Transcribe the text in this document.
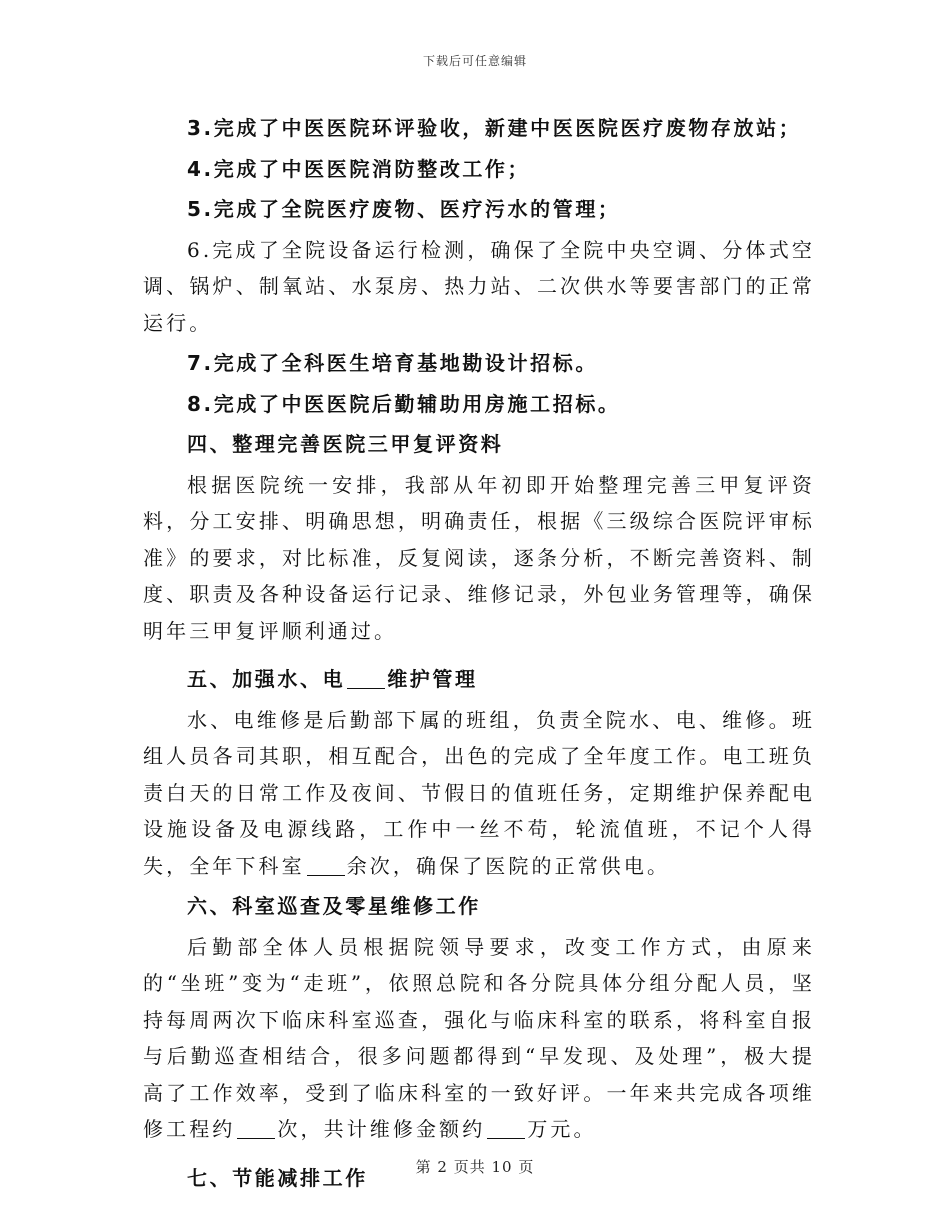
下载后可任意编辑

3.完成了中医医院环评验收，新建中医医院医疗废物存放站；

4.完成了中医医院消防整改工作；

5.完成了全院医疗废物、医疗污水的管理；

6.完成了全院设备运行检测，确保了全院中央空调、分体式空调、锅炉、制氧站、水泵房、热力站、二次供水等要害部门的正常运行。

7.完成了全科医生培育基地勘设计招标。

8.完成了中医医院后勤辅助用房施工招标。

四、整理完善医院三甲复评资料

根据医院统一安排，我部从年初即开始整理完善三甲复评资料，分工安排、明确思想，明确责任，根据《三级综合医院评审标准》的要求，对比标准，反复阅读，逐条分析，不断完善资料、制度、职责及各种设备运行记录、维修记录，外包业务管理等，确保明年三甲复评顺利通过。

五、加强水、电 维护管理

水、电维修是后勤部下属的班组，负责全院水、电、维修。班组人员各司其职，相互配合，出色的完成了全年度工作。电工班负责白天的日常工作及夜间、节假日的值班任务，定期维护保养配电设施设备及电源线路，工作中一丝不苟，轮流值班，不记个人得失，全年下科室 余次，确保了医院的正常供电。

六、科室巡查及零星维修工作

后勤部全体人员根据院领导要求，改变工作方式，由原来的“坐班”变为“走班”，依照总院和各分院具体分组分配人员，坚持每周两次下临床科室巡查，强化与临床科室的联系，将科室自报与后勤巡查相结合，很多问题都得到“早发现、及处理”，极大提高了工作效率，受到了临床科室的一致好评。一年来共完成各项维修工程约 次，共计维修金额约 万元。

七、节能减排工作	第 2 页共 10 页
